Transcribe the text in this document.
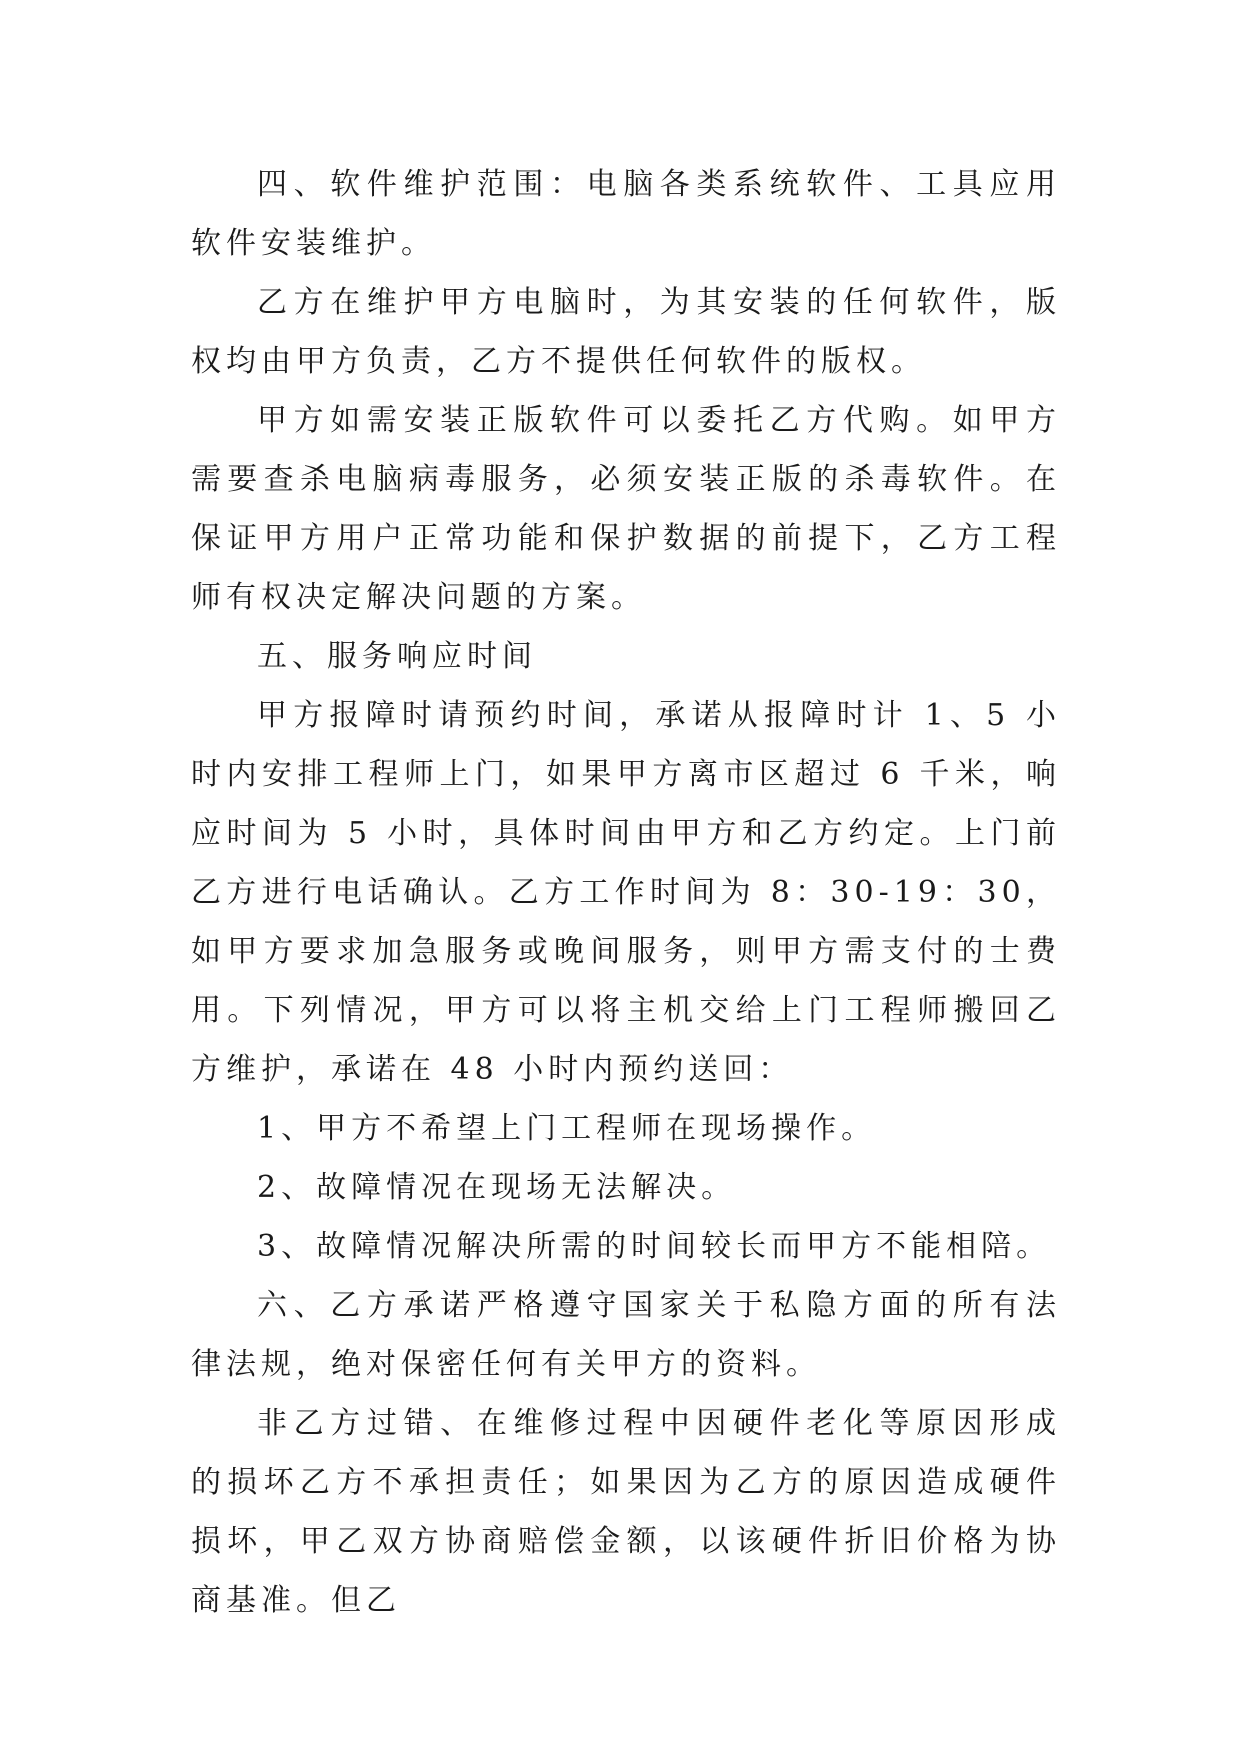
四、软件维护范围：电脑各类系统软件、工具应用软件安装维护。

乙方在维护甲方电脑时，为其安装的任何软件，版权均由甲方负责，乙方不提供任何软件的版权。

甲方如需安装正版软件可以委托乙方代购。如甲方需要查杀电脑病毒服务，必须安装正版的杀毒软件。在保证甲方用户正常功能和保护数据的前提下，乙方工程师有权决定解决问题的方案。

五、服务响应时间

甲方报障时请预约时间，承诺从报障时计 1、5 小时内安排工程师上门，如果甲方离市区超过 6 千米，响应时间为 5 小时，具体时间由甲方和乙方约定。上门前乙方进行电话确认。乙方工作时间为 8：30-19：30，如甲方要求加急服务或晚间服务，则甲方需支付的士费用。下列情况，甲方可以将主机交给上门工程师搬回乙方维护，承诺在 48 小时内预约送回：

1、甲方不希望上门工程师在现场操作。

2、故障情况在现场无法解决。

3、故障情况解决所需的时间较长而甲方不能相陪。

六、乙方承诺严格遵守国家关于私隐方面的所有法律法规，绝对保密任何有关甲方的资料。

非乙方过错、在维修过程中因硬件老化等原因形成的损坏乙方不承担责任；如果因为乙方的原因造成硬件损坏，甲乙双方协商赔偿金额，以该硬件折旧价格为协商基准。但乙
